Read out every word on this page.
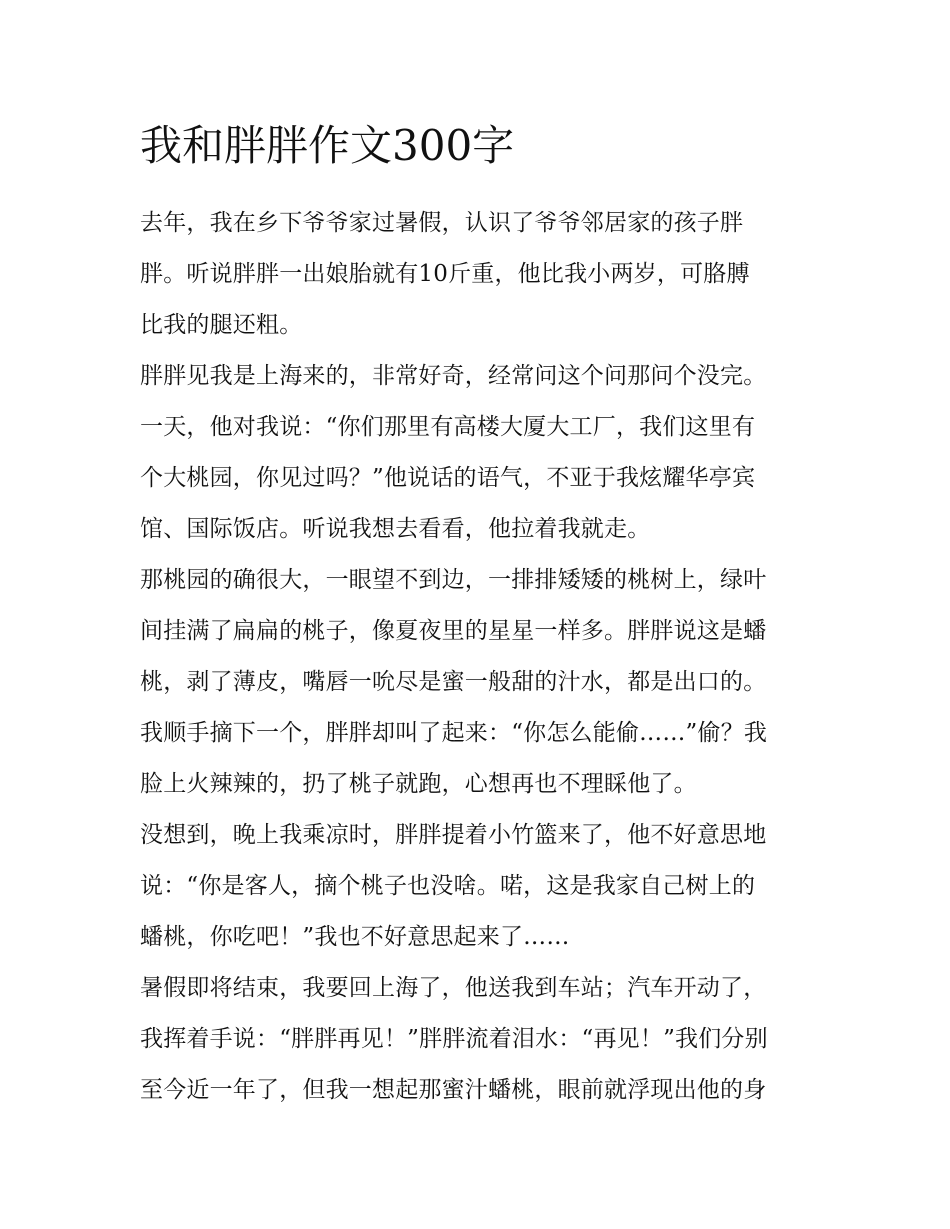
我和胖胖作文300字
去年，我在乡下爷爷家过暑假，认识了爷爷邻居家的孩子胖
胖。听说胖胖一出娘胎就有10斤重，他比我小两岁，可胳膊
比我的腿还粗。
胖胖见我是上海来的，非常好奇，经常问这个问那问个没完。
一天，他对我说：“你们那里有高楼大厦大工厂，我们这里有
个大桃园，你见过吗？”他说话的语气，不亚于我炫耀华亭宾
馆、国际饭店。听说我想去看看，他拉着我就走。
那桃园的确很大，一眼望不到边，一排排矮矮的桃树上，绿叶
间挂满了扁扁的桃子，像夏夜里的星星一样多。胖胖说这是蟠
桃，剥了薄皮，嘴唇一吮尽是蜜一般甜的汁水，都是出口的。
我顺手摘下一个，胖胖却叫了起来：“你怎么能偷……”偷？我
脸上火辣辣的，扔了桃子就跑，心想再也不理睬他了。
没想到，晚上我乘凉时，胖胖提着小竹篮来了，他不好意思地
说：“你是客人，摘个桃子也没啥。喏，这是我家自己树上的
蟠桃，你吃吧！”我也不好意思起来了……
暑假即将结束，我要回上海了，他送我到车站；汽车开动了，
我挥着手说：“胖胖再见！”胖胖流着泪水：“再见！”我们分别
至今近一年了，但我一想起那蜜汁蟠桃，眼前就浮现出他的身
